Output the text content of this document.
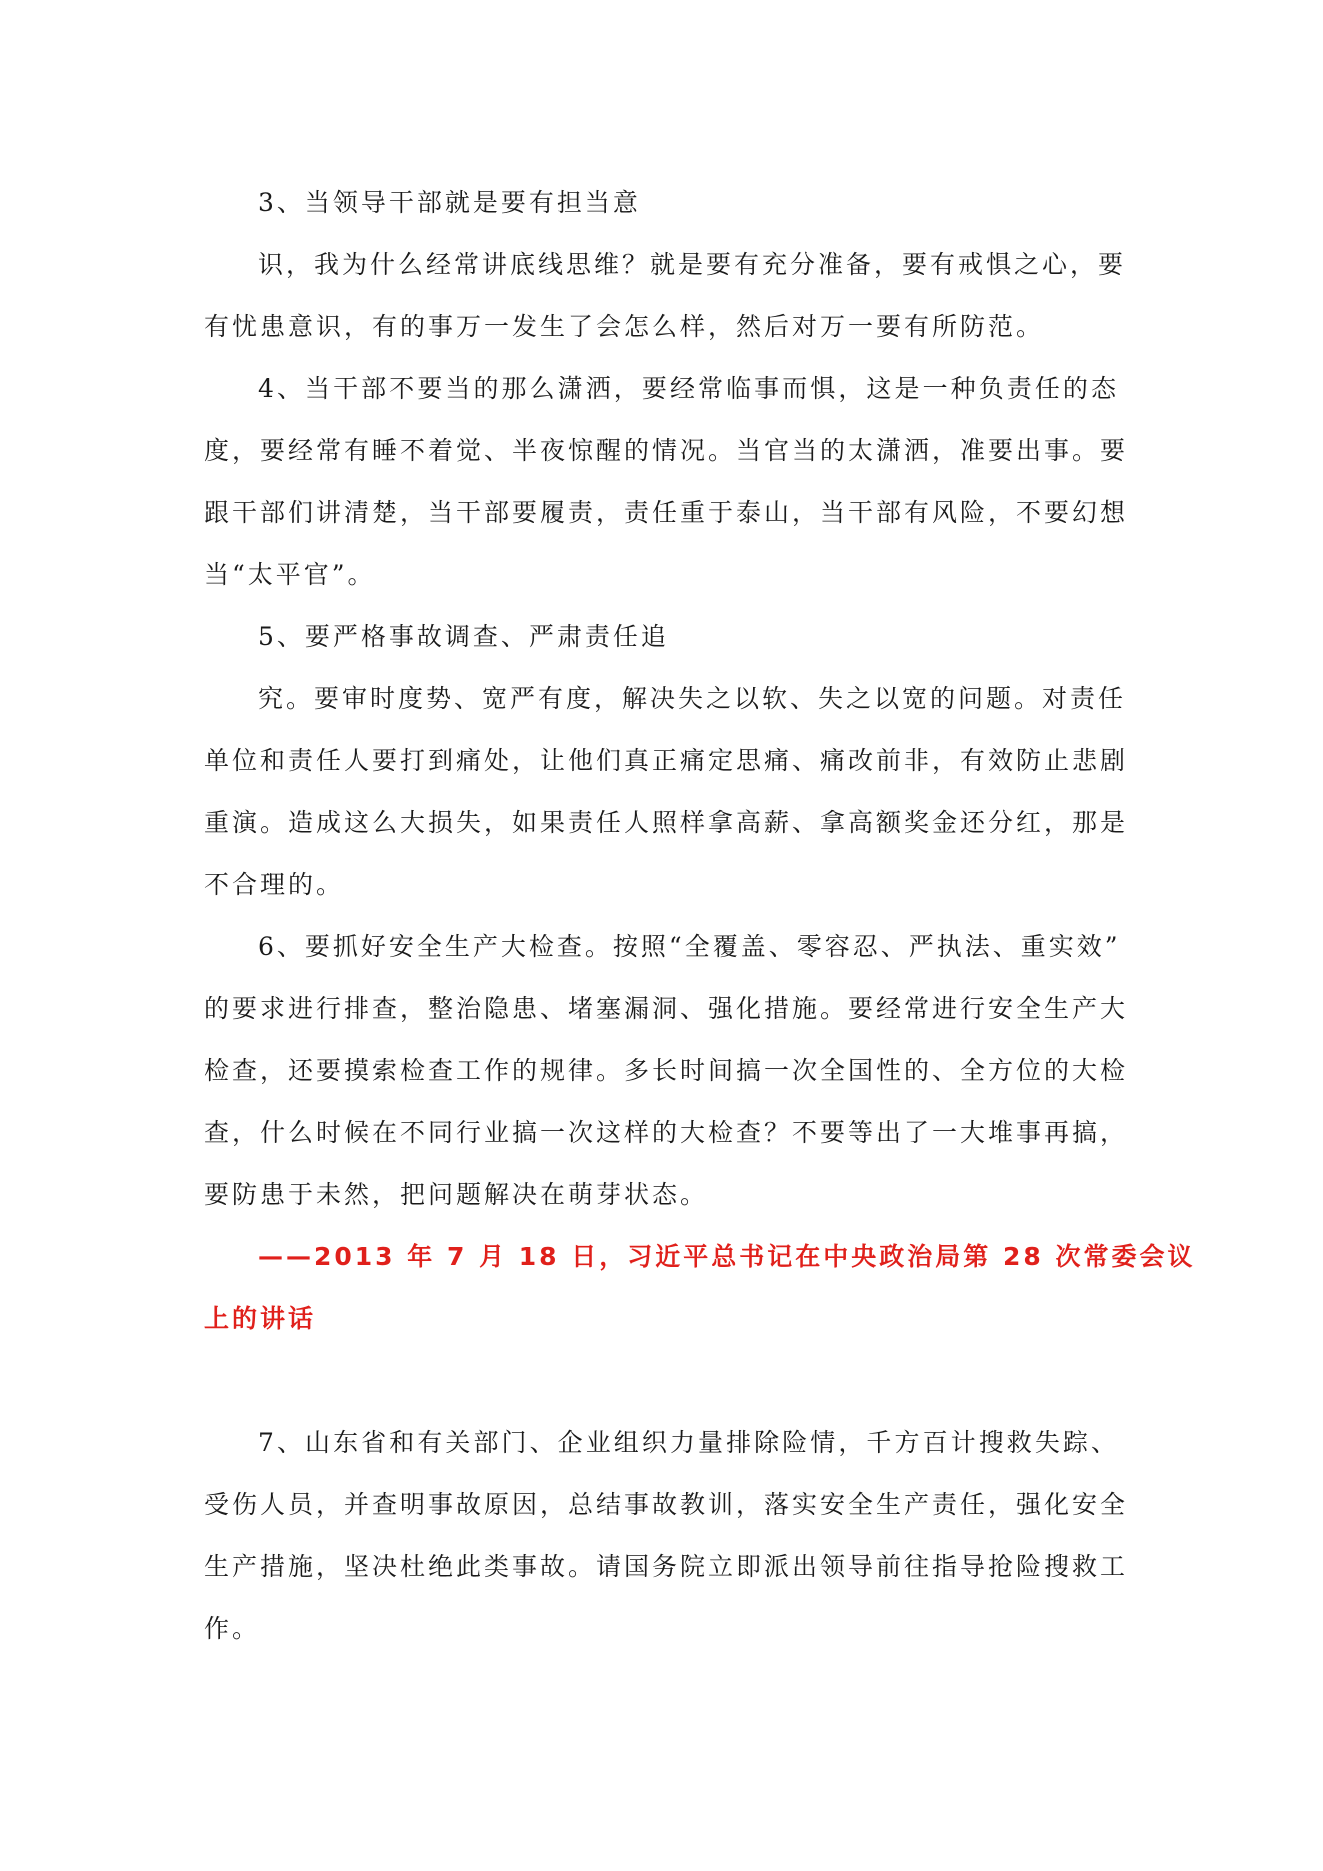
3、当领导干部就是要有担当意
识，我为什么经常讲底线思维？就是要有充分准备，要有戒惧之心，要
有忧患意识，有的事万一发生了会怎么样，然后对万一要有所防范。
4、当干部不要当的那么潇洒，要经常临事而惧，这是一种负责任的态
度，要经常有睡不着觉、半夜惊醒的情况。当官当的太潇洒，准要出事。要
跟干部们讲清楚，当干部要履责，责任重于泰山，当干部有风险，不要幻想
当“太平官”。
5、要严格事故调查、严肃责任追
究。要审时度势、宽严有度，解决失之以软、失之以宽的问题。对责任
单位和责任人要打到痛处，让他们真正痛定思痛、痛改前非，有效防止悲剧
重演。造成这么大损失，如果责任人照样拿高薪、拿高额奖金还分红，那是
不合理的。
6、要抓好安全生产大检查。按照“全覆盖、零容忍、严执法、重实效”
的要求进行排查，整治隐患、堵塞漏洞、强化措施。要经常进行安全生产大
检查，还要摸索检查工作的规律。多长时间搞一次全国性的、全方位的大检
查，什么时候在不同行业搞一次这样的大检查？不要等出了一大堆事再搞，
要防患于未然，把问题解决在萌芽状态。
——2013 年 7 月 18 日，习近平总书记在中央政治局第 28 次常委会议
上的讲话
7、山东省和有关部门、企业组织力量排除险情，千方百计搜救失踪、
受伤人员，并查明事故原因，总结事故教训，落实安全生产责任，强化安全
生产措施，坚决杜绝此类事故。请国务院立即派出领导前往指导抢险搜救工
作。
